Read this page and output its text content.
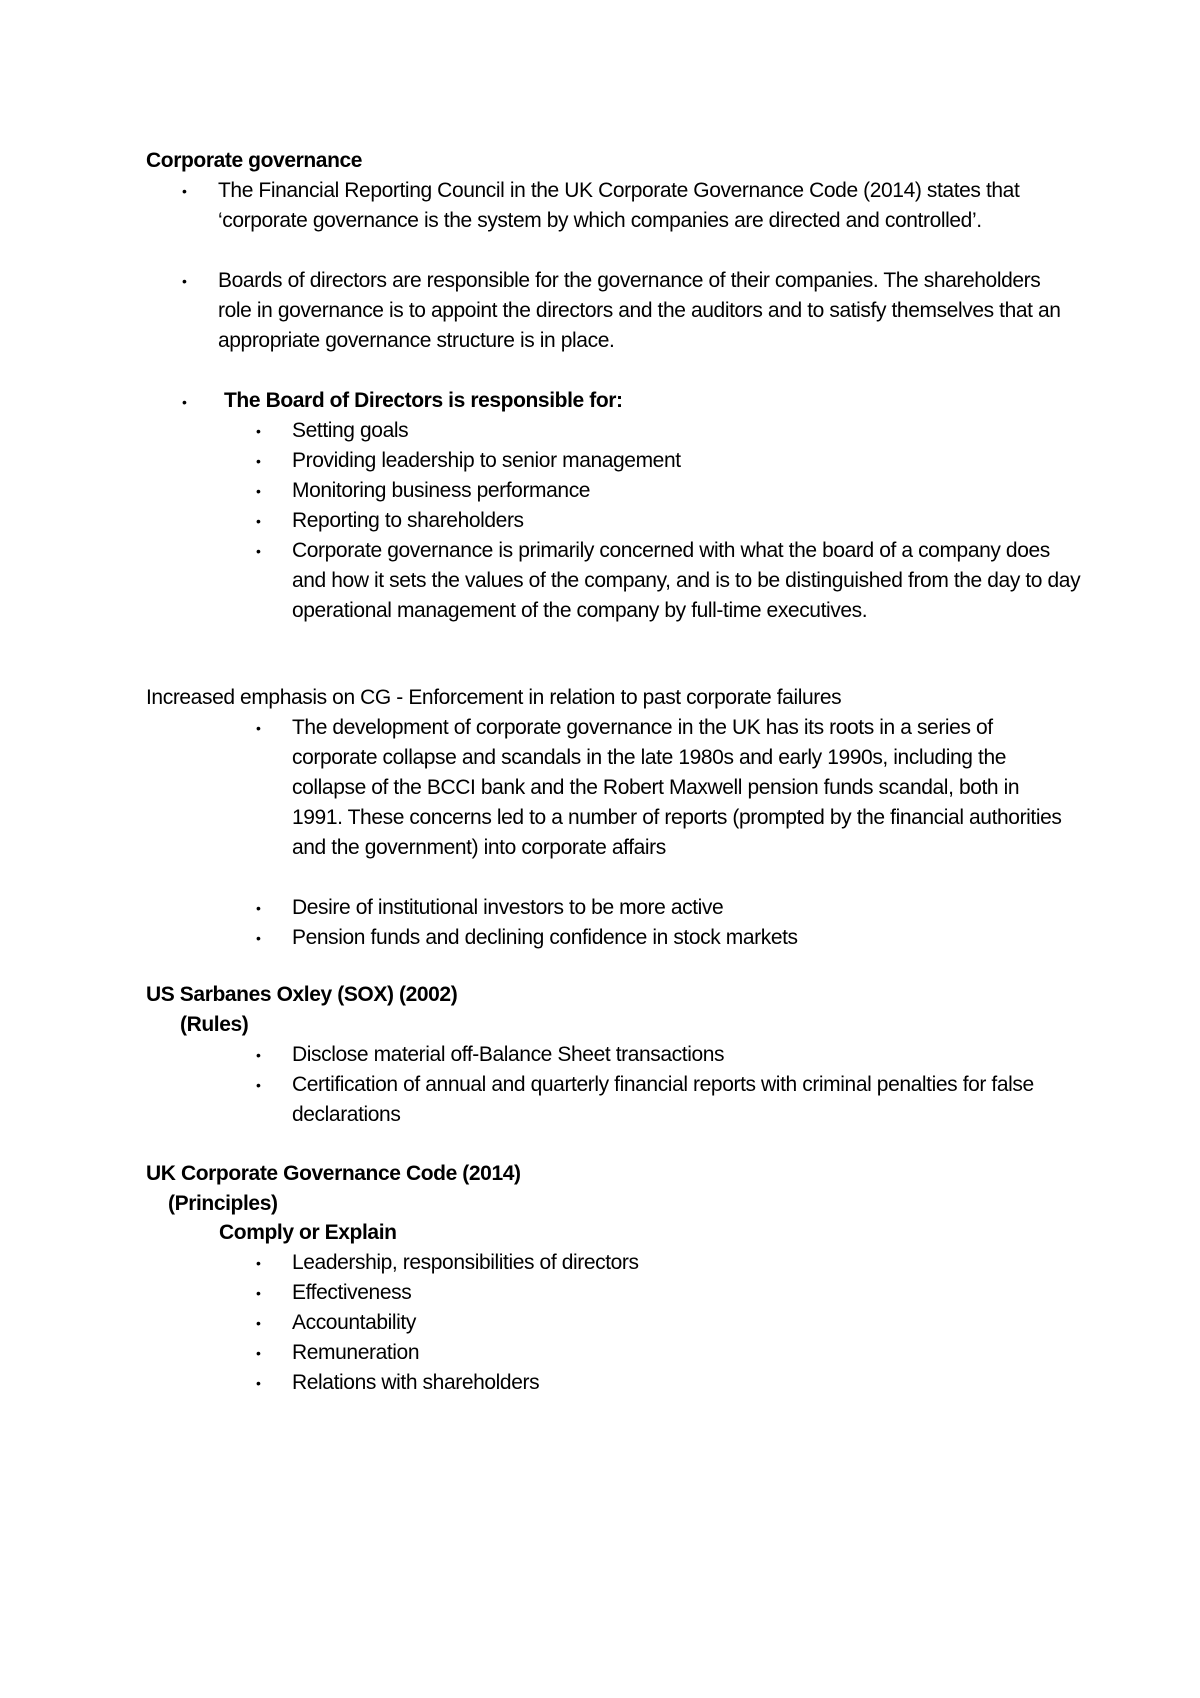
Corporate governance
• The Financial Reporting Council in the UK Corporate Governance Code (2014) states that ‘corporate governance is the system by which companies are directed and controlled’.
• Boards of directors are responsible for the governance of their companies. The shareholders role in governance is to appoint the directors and the auditors and to satisfy themselves that an appropriate governance structure is in place.
• The Board of Directors is responsible for:
• Setting goals
• Providing leadership to senior management
• Monitoring business performance
• Reporting to shareholders
• Corporate governance is primarily concerned with what the board of a company does and how it sets the values of the company, and is to be distinguished from the day to day operational management of the company by full-time executives.
Increased emphasis on CG - Enforcement in relation to past corporate failures
• The development of corporate governance in the UK has its roots in a series of corporate collapse and scandals in the late 1980s and early 1990s, including the collapse of the BCCI bank and the Robert Maxwell pension funds scandal, both in 1991. These concerns led to a number of reports (prompted by the financial authorities and the government) into corporate affairs
• Desire of institutional investors to be more active
• Pension funds and declining confidence in stock markets
US Sarbanes Oxley (SOX) (2002)
(Rules)
• Disclose material off-Balance Sheet transactions
• Certification of annual and quarterly financial reports with criminal penalties for false declarations
UK Corporate Governance Code (2014)
(Principles)
Comply or Explain
• Leadership, responsibilities of directors
• Effectiveness
• Accountability
• Remuneration
• Relations with shareholders
